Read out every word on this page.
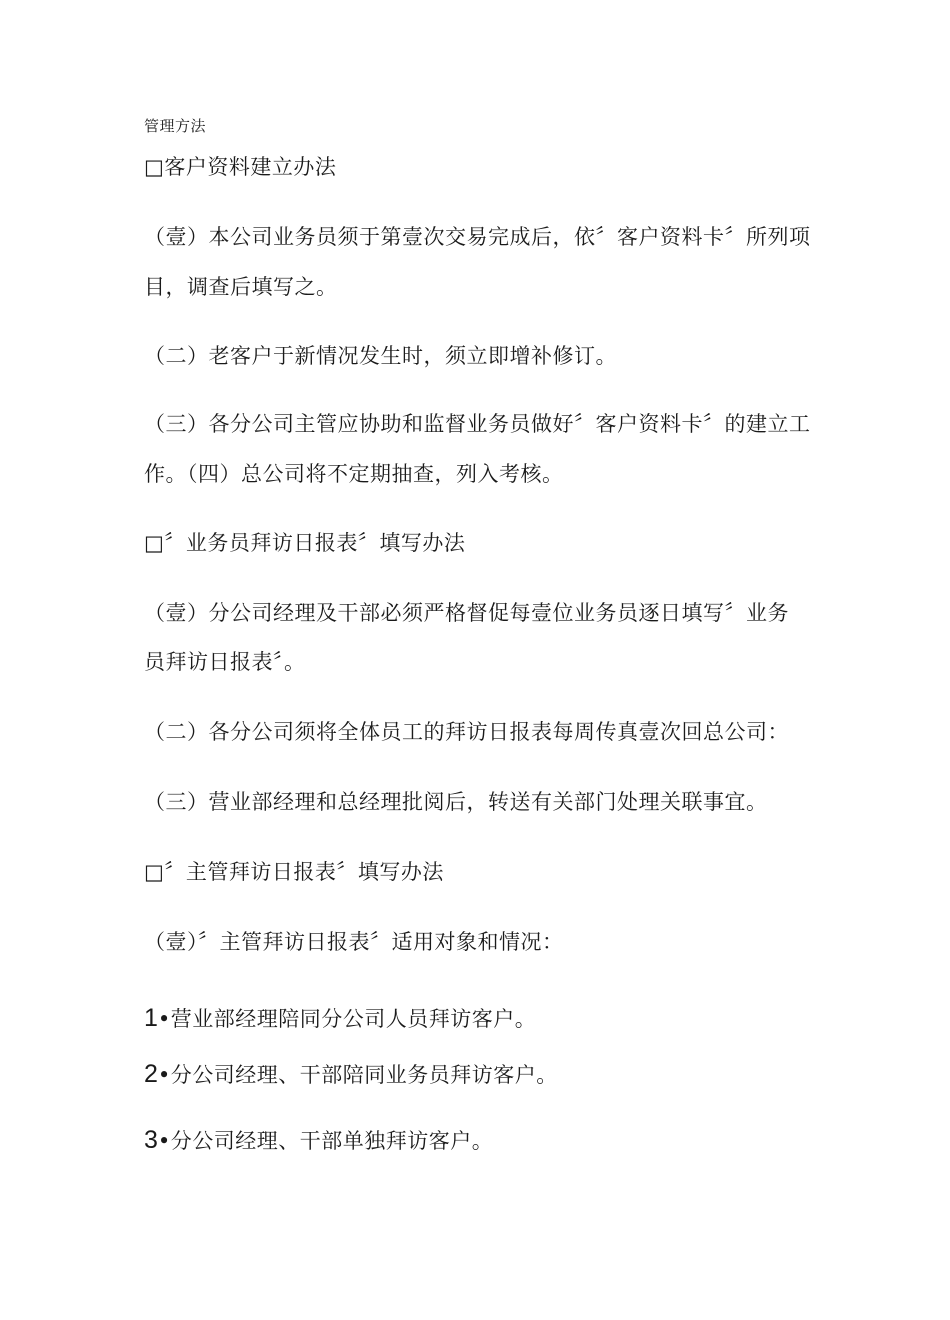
管理方法
□客户资料建立办法
（壹）本公司业务员须于第壹次交易完成后，依〞客户资料卡〞所列项
目，调查后填写之。
（二）老客户于新情况发生时，须立即增补修订。
（三）各分公司主管应协助和监督业务员做好〞客户资料卡〞的建立工
作。（四）总公司将不定期抽查，列入考核。
□〞业务员拜访日报表〞填写办法
（壹）分公司经理及干部必须严格督促每壹位业务员逐日填写〞业务
员拜访日报表〞。
（二）各分公司须将全体员工的拜访日报表每周传真壹次回总公司：
（三）营业部经理和总经理批阅后，转送有关部门处理关联事宜。
□〞主管拜访日报表〞填写办法
（壹）〞主管拜访日报表〞适用对象和情况：
1•营业部经理陪同分公司人员拜访客户。
2•分公司经理、干部陪同业务员拜访客户。
3•分公司经理、干部单独拜访客户。
